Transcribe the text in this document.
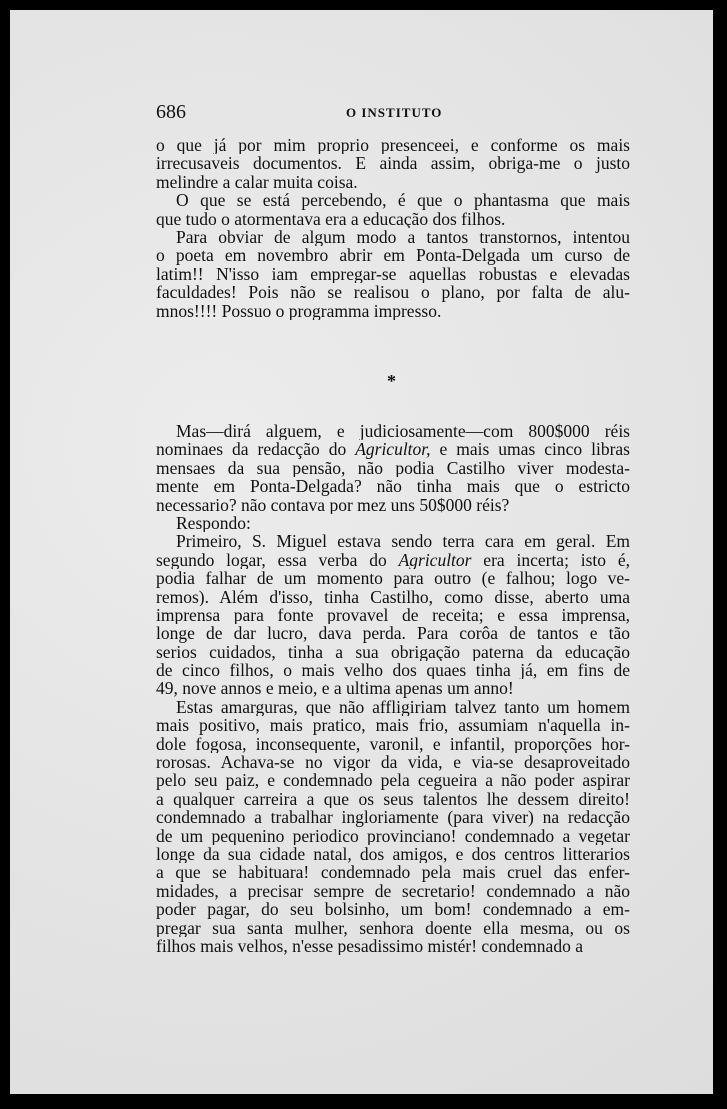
686	O INSTITUTO
o que já por mim proprio presenceei, e conforme os mais
irrecusaveis documentos. E ainda assim, obriga-me o justo
melindre a calar muita coisa.
O que se está percebendo, é que o phantasma que mais
que tudo o atormentava era a educação dos filhos.
Para obviar de algum modo a tantos transtornos, intentou
o poeta em novembro abrir em Ponta-Delgada um curso de
latim!! N'isso iam empregar-se aquellas robustas e elevadas
faculdades! Pois não se realisou o plano, por falta de alu-
mnos!!!! Possuo o programma impresso.
*
Mas—dirá alguem, e judiciosamente—com 800$000 réis
nominaes da redacção do Agricultor, e mais umas cinco libras
mensaes da sua pensão, não podia Castilho viver modesta-
mente em Ponta-Delgada? não tinha mais que o estricto
necessario? não contava por mez uns 50$000 réis?
Respondo:
Primeiro, S. Miguel estava sendo terra cara em geral. Em
segundo logar, essa verba do Agricultor era incerta; isto é,
podia falhar de um momento para outro (e falhou; logo ve-
remos). Além d'isso, tinha Castilho, como disse, aberto uma
imprensa para fonte provavel de receita; e essa imprensa,
longe de dar lucro, dava perda. Para corôa de tantos e tão
serios cuidados, tinha a sua obrigação paterna da educação
de cinco filhos, o mais velho dos quaes tinha já, em fins de
49, nove annos e meio, e a ultima apenas um anno!
Estas amarguras, que não affligiriam talvez tanto um homem
mais positivo, mais pratico, mais frio, assumiam n'aquella in-
dole fogosa, inconsequente, varonil, e infantil, proporções hor-
rorosas. Achava-se no vigor da vida, e via-se desaproveitado
pelo seu paiz, e condemnado pela cegueira a não poder aspirar
a qualquer carreira a que os seus talentos lhe dessem direito!
condemnado a trabalhar ingloriamente (para viver) na redacção
de um pequenino periodico provinciano! condemnado a vegetar
longe da sua cidade natal, dos amigos, e dos centros litterarios
a que se habituara! condemnado pela mais cruel das enfer-
midades, a precisar sempre de secretario! condemnado a não
poder pagar, do seu bolsinho, um bom! condemnado a em-
pregar sua santa mulher, senhora doente ella mesma, ou os
filhos mais velhos, n'esse pesadissimo mistér! condemnado a
